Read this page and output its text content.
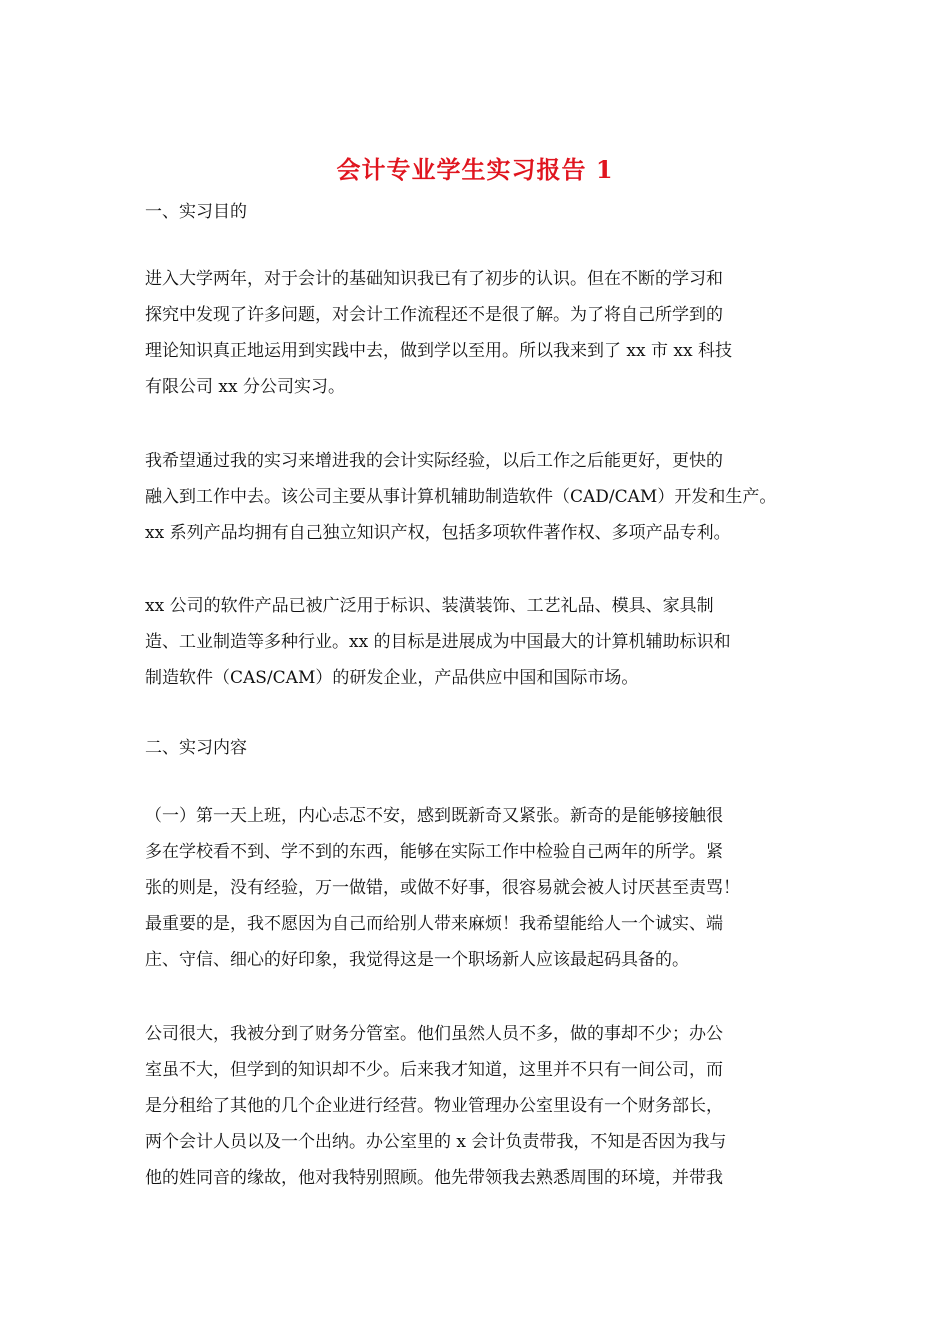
会计专业学生实习报告 1
一、实习目的
进入大学两年，对于会计的基础知识我已有了初步的认识。但在不断的学习和
探究中发现了许多问题，对会计工作流程还不是很了解。为了将自己所学到的
理论知识真正地运用到实践中去，做到学以至用。所以我来到了 xx 市 xx 科技
有限公司 xx 分公司实习。
我希望通过我的实习来增进我的会计实际经验，以后工作之后能更好，更快的
融入到工作中去。该公司主要从事计算机辅助制造软件（CAD/CAM）开发和生产。
xx 系列产品均拥有自己独立知识产权，包括多项软件著作权、多项产品专利。
xx 公司的软件产品已被广泛用于标识、装潢装饰、工艺礼品、模具、家具制
造、工业制造等多种行业。xx 的目标是进展成为中国最大的计算机辅助标识和
制造软件（CAS/CAM）的研发企业，产品供应中国和国际市场。
二、实习内容
（一）第一天上班，内心忐忑不安，感到既新奇又紧张。新奇的是能够接触很
多在学校看不到、学不到的东西，能够在实际工作中检验自己两年的所学。紧
张的则是，没有经验，万一做错，或做不好事，很容易就会被人讨厌甚至责骂！
最重要的是，我不愿因为自己而给别人带来麻烦！我希望能给人一个诚实、端
庄、守信、细心的好印象，我觉得这是一个职场新人应该最起码具备的。
公司很大，我被分到了财务分管室。他们虽然人员不多，做的事却不少；办公
室虽不大，但学到的知识却不少。后来我才知道，这里并不只有一间公司，而
是分租给了其他的几个企业进行经营。物业管理办公室里设有一个财务部长，
两个会计人员以及一个出纳。办公室里的 x 会计负责带我，不知是否因为我与
他的姓同音的缘故，他对我特别照顾。他先带领我去熟悉周围的环境，并带我
